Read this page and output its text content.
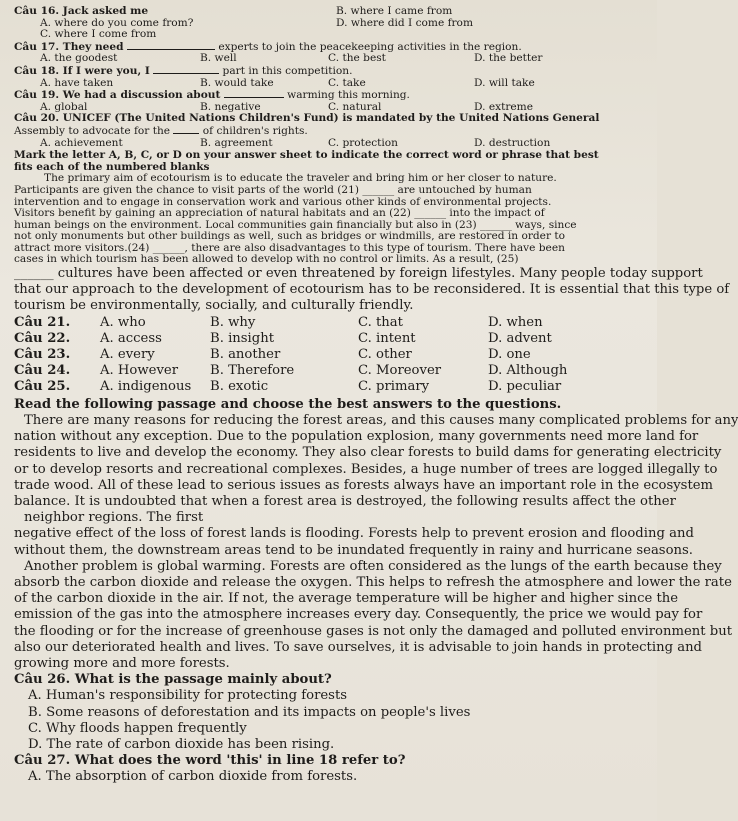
Câu 16. Jack asked me	B. where I came from
A. where do you come from?	D. where did I come from
C. where I come from
Câu 17. They need	experts to join the peacekeeping activities in the region.
A. the goodest	B. well	C. the best	D. the better
Câu 18. If I were you, I	part in this competition.
A. have taken	B. would take	C. take	D. will take
Câu 19. We had a discussion about	warming this morning.
A. global	B. negative	C. natural	D. extreme
Câu 20. UNICEF (The United Nations Children's Fund) is mandated by the United Nations General
Assembly to advocate for the	of children's rights.
A. achievement	B. agreement	C. protection	D. destruction
Mark the letter A, B, C, or D on your answer sheet to indicate the correct word or phrase that best
fits each of the numbered blanks
The primary aim of ecotourism is to educate the traveler and bring him or her closer to nature.
Participants are given the chance to visit parts of the world (21) ______ are untouched by human
intervention and to engage in conservation work and various other kinds of environmental projects.
Visitors benefit by gaining an appreciation of natural habitats and an (22) ______ into the impact of
human beings on the environment. Local communities gain financially but also in (23) ______ ways, since
not only monuments but other buildings as well, such as bridges or windmills, are restored in order to
attract more visitors.(24) ______, there are also disadvantages to this type of tourism. There have been
cases in which tourism has been allowed to develop with no control or limits. As a result, (25)
______ cultures have been affected or even threatened by foreign lifestyles. Many people today support
that our approach to the development of ecotourism has to be reconsidered. It is essential that this type of
tourism be environmentally, socially, and culturally friendly.
Câu 21.	A. who	B. why	C. that	D. when
Câu 22.	A. access	B. insight	C. intent	D. advent
Câu 23.	A. every	B. another	C. other	D. one
Câu 24.	A. However	B. Therefore	C. Moreover	D. Although
Câu 25.	A. indigenous	B. exotic	C. primary	D. peculiar
Read the following passage and choose the best answers to the questions.
There are many reasons for reducing the forest areas, and this causes many complicated problems for any
nation without any exception. Due to the population explosion, many governments need more land for
residents to live and develop the economy. They also clear forests to build dams for generating electricity
or to develop resorts and recreational complexes. Besides, a huge number of trees are logged illegally to
trade wood. All of these lead to serious issues as forests always have an important role in the ecosystem
balance. It is undoubted that when a forest area is destroyed, the following results affect the other
neighbor regions. The first
negative effect of the loss of forest lands is flooding. Forests help to prevent erosion and flooding and
without them, the downstream areas tend to be inundated frequently in rainy and hurricane seasons.
Another problem is global warming. Forests are often considered as the lungs of the earth because they
absorb the carbon dioxide and release the oxygen. This helps to refresh the atmosphere and lower the rate
of the carbon dioxide in the air. If not, the average temperature will be higher and higher since the
emission of the gas into the atmosphere increases every day. Consequently, the price we would pay for
the flooding or for the increase of greenhouse gases is not only the damaged and polluted environment but
also our deteriorated health and lives. To save ourselves, it is advisable to join hands in protecting and
growing more and more forests.
Câu 26. What is the passage mainly about?
A. Human's responsibility for protecting forests
B. Some reasons of deforestation and its impacts on people's lives
C. Why floods happen frequently
D. The rate of carbon dioxide has been rising.
Câu 27. What does the word 'this' in line 18 refer to?
A. The absorption of carbon dioxide from forests.
